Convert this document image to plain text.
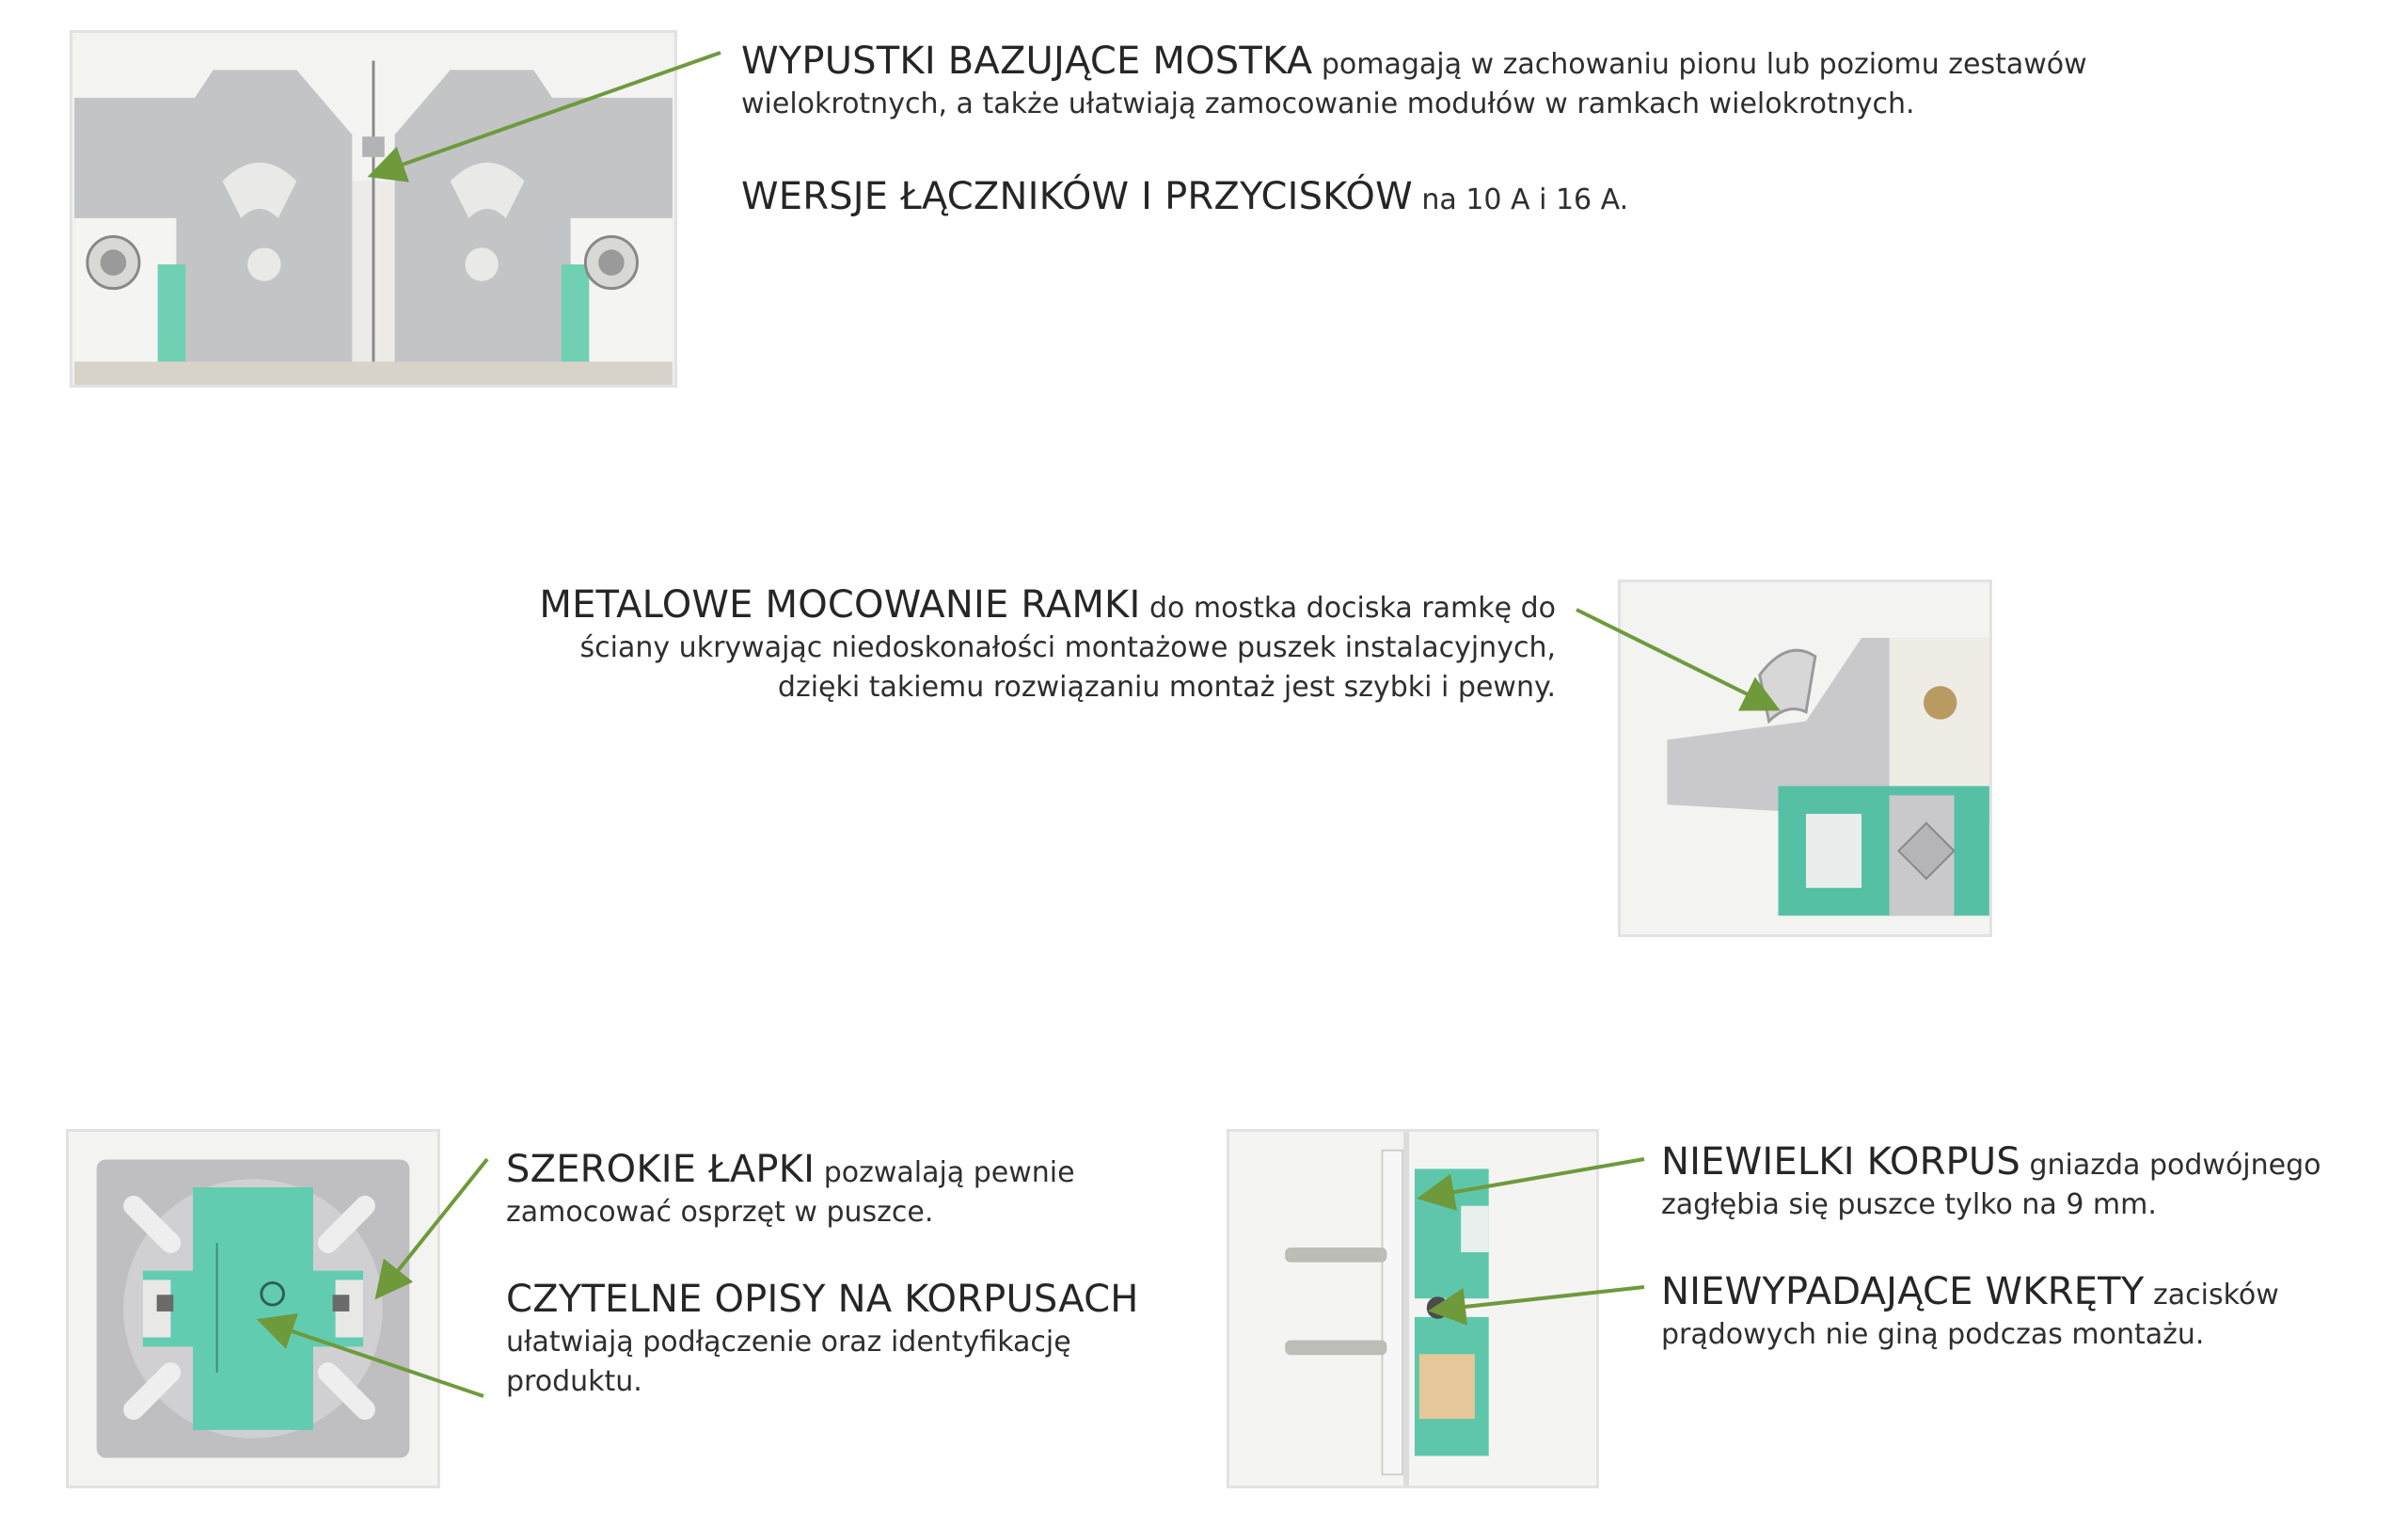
WYPUSTKI BAZUJĄCE MOSTKA pomagają w zachowaniu pionu lub poziomu zestawów wielokrotnych, a także ułatwiają zamocowanie modułów w ramkach wielokrotnych.
WERSJE ŁĄCZNIKÓW I PRZYCISKÓW na 10 A i 16 A.
METALOWE MOCOWANIE RAMKI do mostka dociska ramkę do ściany ukrywając niedoskonałości montażowe puszek instalacyjnych, dzięki takiemu rozwiązaniu montaż jest szybki i pewny.
SZEROKIE ŁAPKI pozwalają pewnie zamocować osprzęt w puszce.
CZYTELNE OPISY NA KORPUSACH ułatwiają podłączenie oraz identyfikację produktu.
NIEWIELKI KORPUS gniazda podwójnego zagłębia się puszce tylko na 9 mm.
NIEWYPADAJĄCE WKRĘTY zacisków prądowych nie giną podczas montażu.
